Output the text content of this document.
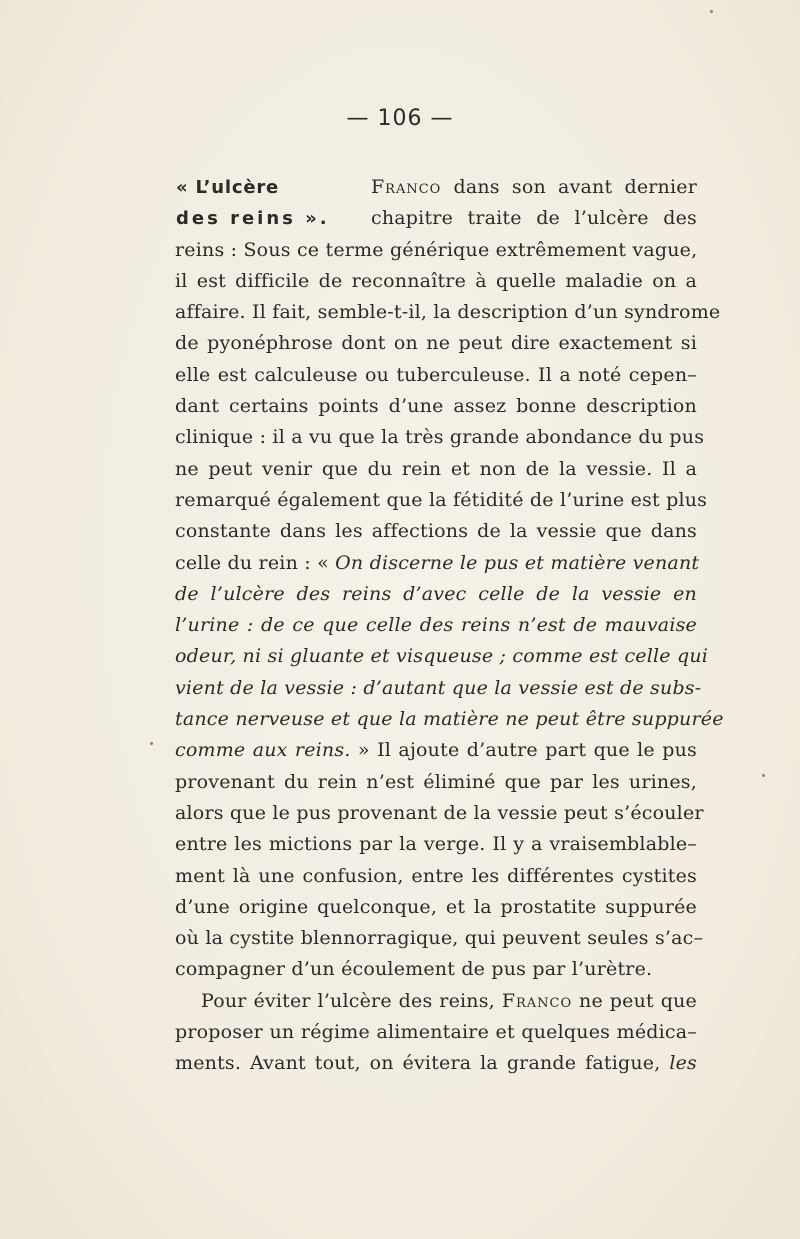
— 106 —
« L’ulcère
des reins ».
Franco dans son avant dernier
chapitre traite de l’ulcère des
reins : Sous ce terme générique extrêmement vague,
il est difficile de reconnaître à quelle maladie on a
affaire. Il fait, semble-t-il, la description d’un syndrome
de pyonéphrose dont on ne peut dire exactement si
elle est calculeuse ou tuberculeuse. Il a noté cepen–
dant certains points d’une assez bonne description
clinique : il a vu que la très grande abondance du pus
ne peut venir que du rein et non de la vessie. Il a
remarqué également que la fétidité de l’urine est plus
constante dans les affections de la vessie que dans
celle du rein : « On discerne le pus et matière venant
de l’ulcère des reins d’avec celle de la vessie en
l’urine : de ce que celle des reins n’est de mauvaise
odeur, ni si gluante et visqueuse ; comme est celle qui
vient de la vessie : d’autant que la vessie est de subs-
tance nerveuse et que la matière ne peut être suppurée
comme aux reins. » Il ajoute d’autre part que le pus
provenant du rein n’est éliminé que par les urines,
alors que le pus provenant de la vessie peut s’écouler
entre les mictions par la verge. Il y a vraisemblable–
ment là une confusion, entre les différentes cystites
d’une origine quelconque, et la prostatite suppurée
où la cystite blennorragique, qui peuvent seules s’ac–
compagner d’un écoulement de pus par l’urètre.
Pour éviter l’ulcère des reins, Franco ne peut que
proposer un régime alimentaire et quelques médica–
ments. Avant tout, on évitera la grande fatigue, les
